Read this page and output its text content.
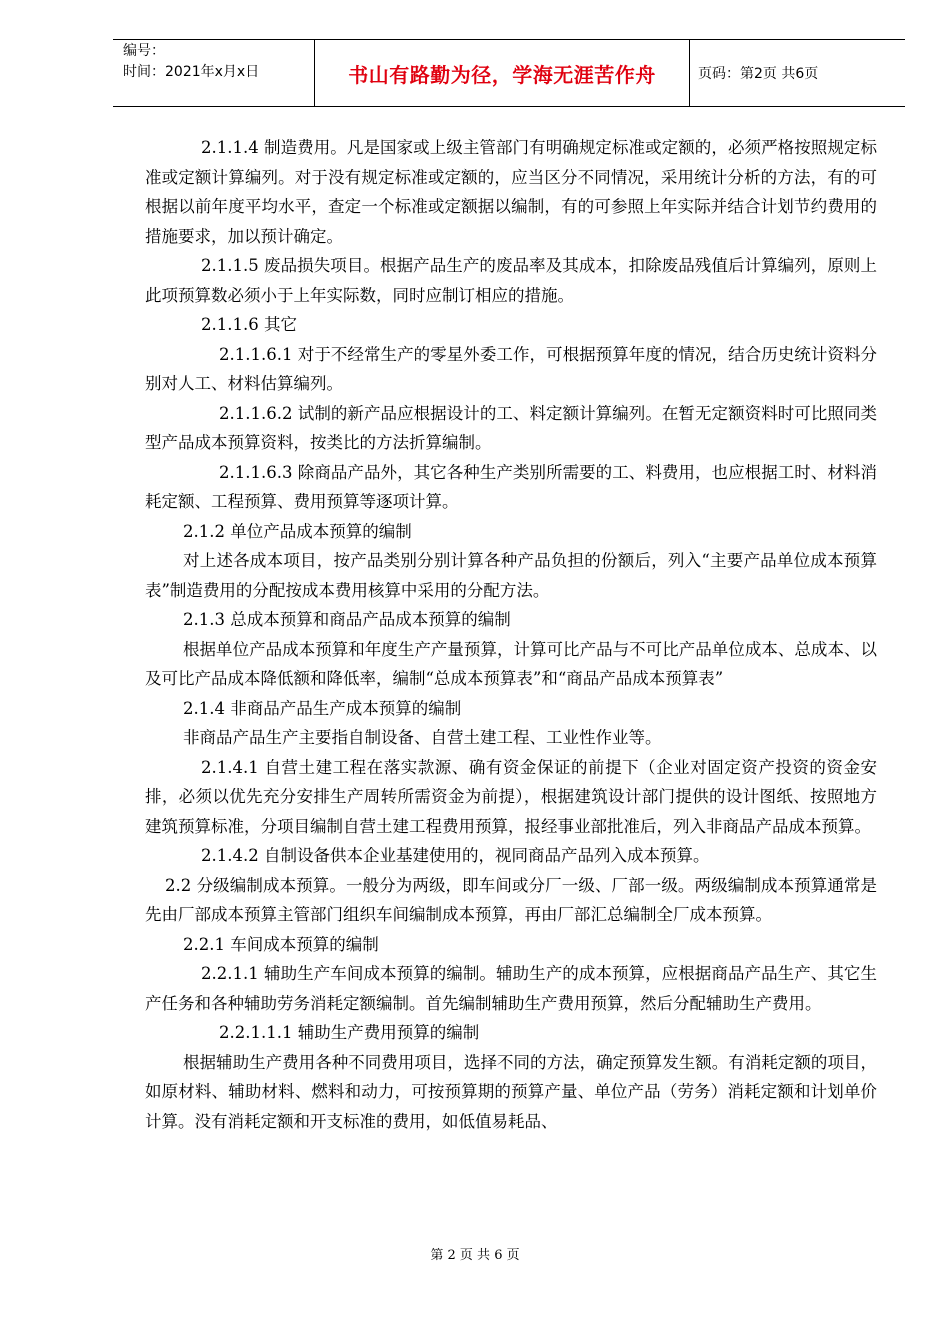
编号：
时间：2021年x月x日	书山有路勤为径，学海无涯苦作舟	页码：第2页 共6页

2.1.1.4 制造费用。凡是国家或上级主管部门有明确规定标准或定额的，必须严格按照规定标准或定额计算编列。对于没有规定标准或定额的，应当区分不同情况，采用统计分析的方法，有的可根据以前年度平均水平，查定一个标准或定额据以编制，有的可参照上年实际并结合计划节约费用的措施要求，加以预计确定。

2.1.1.5 废品损失项目。根据产品生产的废品率及其成本，扣除废品残值后计算编列，原则上此项预算数必须小于上年实际数，同时应制订相应的措施。

2.1.1.6 其它

2.1.1.6.1 对于不经常生产的零星外委工作，可根据预算年度的情况，结合历史统计资料分别对人工、材料估算编列。

2.1.1.6.2 试制的新产品应根据设计的工、料定额计算编列。在暂无定额资料时可比照同类型产品成本预算资料，按类比的方法折算编制。

2.1.1.6.3 除商品产品外，其它各种生产类别所需要的工、料费用，也应根据工时、材料消耗定额、工程预算、费用预算等逐项计算。

2.1.2 单位产品成本预算的编制

对上述各成本项目，按产品类别分别计算各种产品负担的份额后，列入“主要产品单位成本预算表”制造费用的分配按成本费用核算中采用的分配方法。

2.1.3 总成本预算和商品产品成本预算的编制

根据单位产品成本预算和年度生产产量预算，计算可比产品与不可比产品单位成本、总成本、以及可比产品成本降低额和降低率，编制“总成本预算表”和“商品产品成本预算表”

2.1.4 非商品产品生产成本预算的编制

非商品产品生产主要指自制设备、自营土建工程、工业性作业等。

2.1.4.1 自营土建工程在落实款源、确有资金保证的前提下（企业对固定资产投资的资金安排，必须以优先充分安排生产周转所需资金为前提），根据建筑设计部门提供的设计图纸、按照地方建筑预算标准，分项目编制自营土建工程费用预算，报经事业部批准后，列入非商品产品成本预算。

2.1.4.2 自制设备供本企业基建使用的，视同商品产品列入成本预算。

2.2 分级编制成本预算。一般分为两级，即车间或分厂一级、厂部一级。两级编制成本预算通常是先由厂部成本预算主管部门组织车间编制成本预算，再由厂部汇总编制全厂成本预算。

2.2.1 车间成本预算的编制

2.2.1.1 辅助生产车间成本预算的编制。辅助生产的成本预算，应根据商品产品生产、其它生产任务和各种辅助劳务消耗定额编制。首先编制辅助生产费用预算，然后分配辅助生产费用。

2.2.1.1.1 辅助生产费用预算的编制

根据辅助生产费用各种不同费用项目，选择不同的方法，确定预算发生额。有消耗定额的项目，如原材料、辅助材料、燃料和动力，可按预算期的预算产量、单位产品（劳务）消耗定额和计划单价计算。没有消耗定额和开支标准的费用，如低值易耗品、

第 2 页 共 6 页
